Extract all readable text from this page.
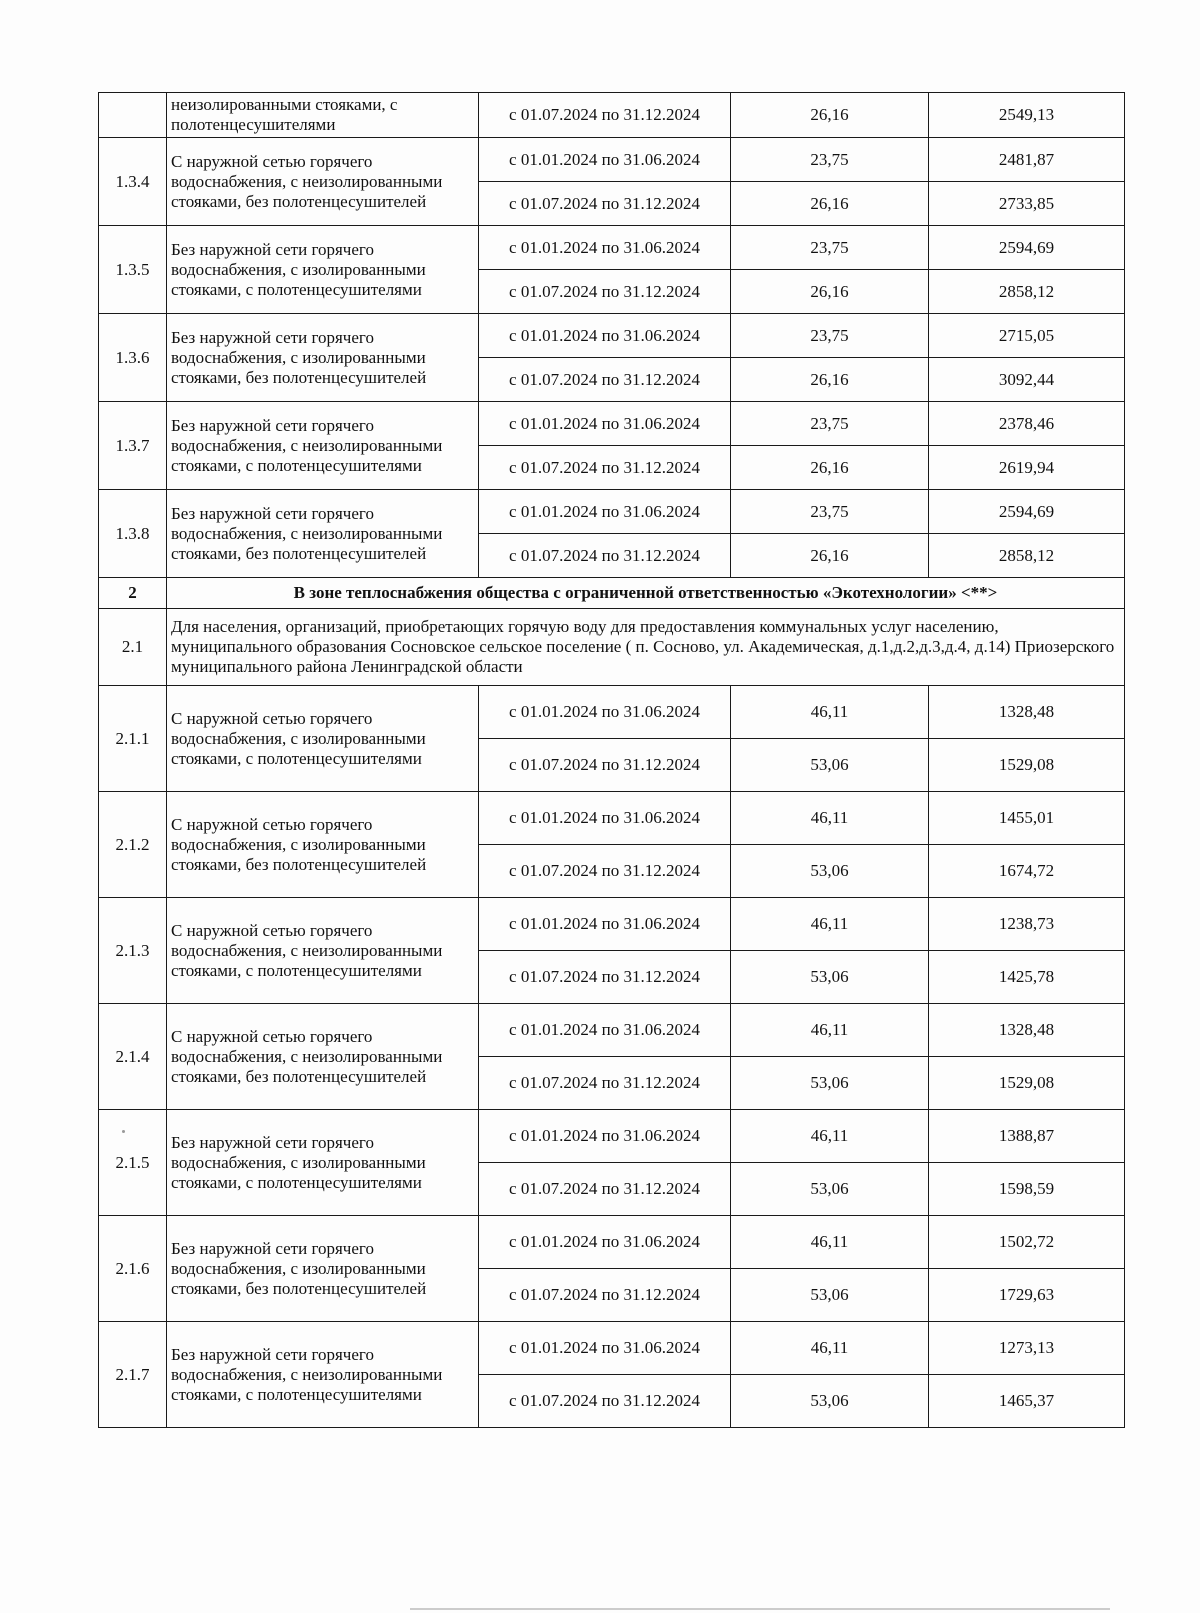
	неизолированными стояками, с полотенцесушителями	с 01.07.2024 по 31.12.2024	26,16	2549,13
1.3.4	С наружной сетью горячего водоснабжения, с неизолированными стояками, без полотенцесушителей	с 01.01.2024 по 31.06.2024	23,75	2481,87
		с 01.07.2024 по 31.12.2024	26,16	2733,85
1.3.5	Без наружной сети горячего водоснабжения, с изолированными стояками, с полотенцесушителями	с 01.01.2024 по 31.06.2024	23,75	2594,69
		с 01.07.2024 по 31.12.2024	26,16	2858,12
1.3.6	Без наружной сети горячего водоснабжения, с изолированными стояками, без полотенцесушителей	с 01.01.2024 по 31.06.2024	23,75	2715,05
		с 01.07.2024 по 31.12.2024	26,16	3092,44
1.3.7	Без наружной сети горячего водоснабжения, с неизолированными стояками, с полотенцесушителями	с 01.01.2024 по 31.06.2024	23,75	2378,46
		с 01.07.2024 по 31.12.2024	26,16	2619,94
1.3.8	Без наружной сети горячего водоснабжения, с неизолированными стояками, без полотенцесушителей	с 01.01.2024 по 31.06.2024	23,75	2594,69
		с 01.07.2024 по 31.12.2024	26,16	2858,12
2	В зоне теплоснабжения общества с ограниченной ответственностью «Экотехнологии» <**>			
2.1	Для населения, организаций, приобретающих горячую воду для предоставления коммунальных услуг населению, муниципального образования Сосновское сельское поселение ( п. Сосново, ул. Академическая, д.1,д.2,д.3,д.4, д.14) Приозерского муниципального района Ленинградской области			
2.1.1	С наружной сетью горячего водоснабжения, с изолированными стояками, с полотенцесушителями	с 01.01.2024 по 31.06.2024	46,11	1328,48
		с 01.07.2024 по 31.12.2024	53,06	1529,08
2.1.2	С наружной сетью горячего водоснабжения, с изолированными стояками, без полотенцесушителей	с 01.01.2024 по 31.06.2024	46,11	1455,01
		с 01.07.2024 по 31.12.2024	53,06	1674,72
2.1.3	С наружной сетью горячего водоснабжения, с неизолированными стояками, с полотенцесушителями	с 01.01.2024 по 31.06.2024	46,11	1238,73
		с 01.07.2024 по 31.12.2024	53,06	1425,78
2.1.4	С наружной сетью горячего водоснабжения, с неизолированными стояками, без полотенцесушителей	с 01.01.2024 по 31.06.2024	46,11	1328,48
		с 01.07.2024 по 31.12.2024	53,06	1529,08
2.1.5	Без наружной сети горячего водоснабжения, с изолированными стояками, с полотенцесушителями	с 01.01.2024 по 31.06.2024	46,11	1388,87
		с 01.07.2024 по 31.12.2024	53,06	1598,59
2.1.6	Без наружной сети горячего водоснабжения, с изолированными стояками, без полотенцесушителей	с 01.01.2024 по 31.06.2024	46,11	1502,72
		с 01.07.2024 по 31.12.2024	53,06	1729,63
2.1.7	Без наружной сети горячего водоснабжения, с неизолированными стояками, с полотенцесушителями	с 01.01.2024 по 31.06.2024	46,11	1273,13
		с 01.07.2024 по 31.12.2024	53,06	1465,37
